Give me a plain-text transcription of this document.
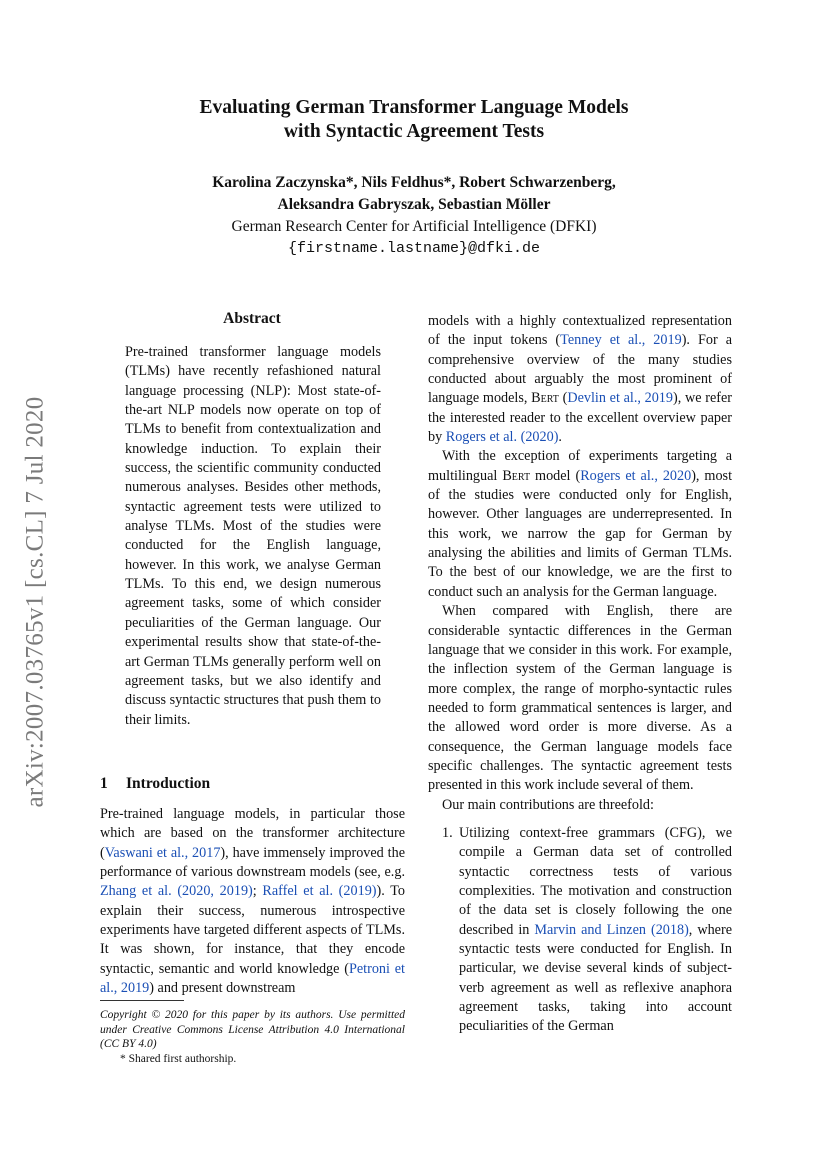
arXiv:2007.03765v1 [cs.CL] 7 Jul 2020
Evaluating German Transformer Language Models
with Syntactic Agreement Tests
Karolina Zaczynska*, Nils Feldhus*, Robert Schwarzenberg,
Aleksandra Gabryszak, Sebastian Möller
German Research Center for Artificial Intelligence (DFKI)
{firstname.lastname}@dfki.de
Abstract

Pre-trained transformer language models (TLMs) have recently refashioned natural language processing (NLP): Most state-of-the-art NLP models now operate on top of TLMs to benefit from contextualization and knowledge induction. To explain their success, the scientific community conducted numerous analyses. Besides other methods, syntactic agreement tests were utilized to analyse TLMs. Most of the studies were conducted for the English language, however. In this work, we analyse German TLMs. To this end, we design numerous agreement tasks, some of which consider peculiarities of the German language. Our experimental results show that state-of-the-art German TLMs generally perform well on agreement tasks, but we also identify and discuss syntactic structures that push them to their limits.

1 Introduction

Pre-trained language models, in particular those which are based on the transformer architecture (Vaswani et al., 2017), have immensely improved the performance of various downstream models (see, e.g. Zhang et al. (2020, 2019); Raffel et al. (2019)). To explain their success, numerous introspective experiments have targeted different aspects of TLMs. It was shown, for instance, that they encode syntactic, semantic and world knowledge (Petroni et al., 2019) and present downstream

models with a highly contextualized representation of the input tokens (Tenney et al., 2019). For a comprehensive overview of the many studies conducted about arguably the most prominent of language models, Bert (Devlin et al., 2019), we refer the interested reader to the excellent overview paper by Rogers et al. (2020).

With the exception of experiments targeting a multilingual Bert model (Rogers et al., 2020), most of the studies were conducted only for English, however. Other languages are underrepresented. In this work, we narrow the gap for German by analysing the abilities and limits of German TLMs. To the best of our knowledge, we are the first to conduct such an analysis for the German language.

When compared with English, there are considerable syntactic differences in the German language that we consider in this work. For example, the inflection system of the German language is more complex, the range of morpho-syntactic rules needed to form grammatical sentences is larger, and the allowed word order is more diverse. As a consequence, the German language models face specific challenges. The syntactic agreement tests presented in this work include several of them.

Our main contributions are threefold:

1. Utilizing context-free grammars (CFG), we compile a German data set of controlled syntactic correctness tests of various complexities. The motivation and construction of the data set is closely following the one described in Marvin and Linzen (2018), where syntactic tests were conducted for English. In particular, we devise several kinds of subject-verb agreement as well as reflexive anaphora agreement tasks, taking into account peculiarities of the German
Copyright © 2020 for this paper by its authors. Use permitted under Creative Commons License Attribution 4.0 International (CC BY 4.0)
* Shared first authorship.
